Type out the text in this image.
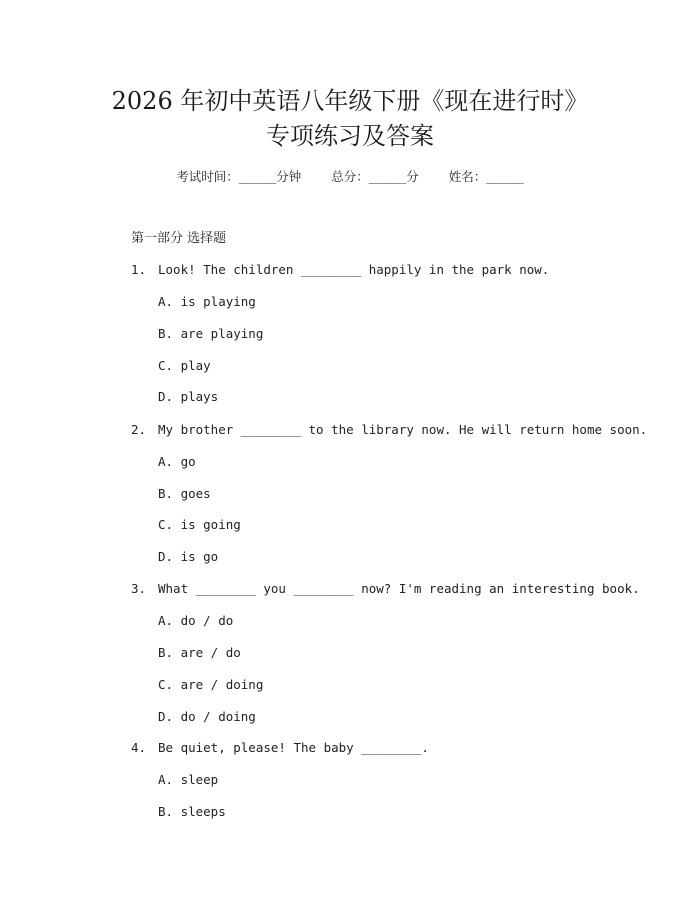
2026 年初中英语八年级下册《现在进行时》
专项练习及答案
考试时间：______分钟 总分：______分 姓名：______
第一部分 选择题
1. Look! The children ________ happily in the park now.
A. is playing
B. are playing
C. play
D. plays
2. My brother ________ to the library now. He will return home soon.
A. go
B. goes
C. is going
D. is go
3. What ________ you ________ now? I'm reading an interesting book.
A. do / do
B. are / do
C. are / doing
D. do / doing
4. Be quiet, please! The baby ________.
A. sleep
B. sleeps
